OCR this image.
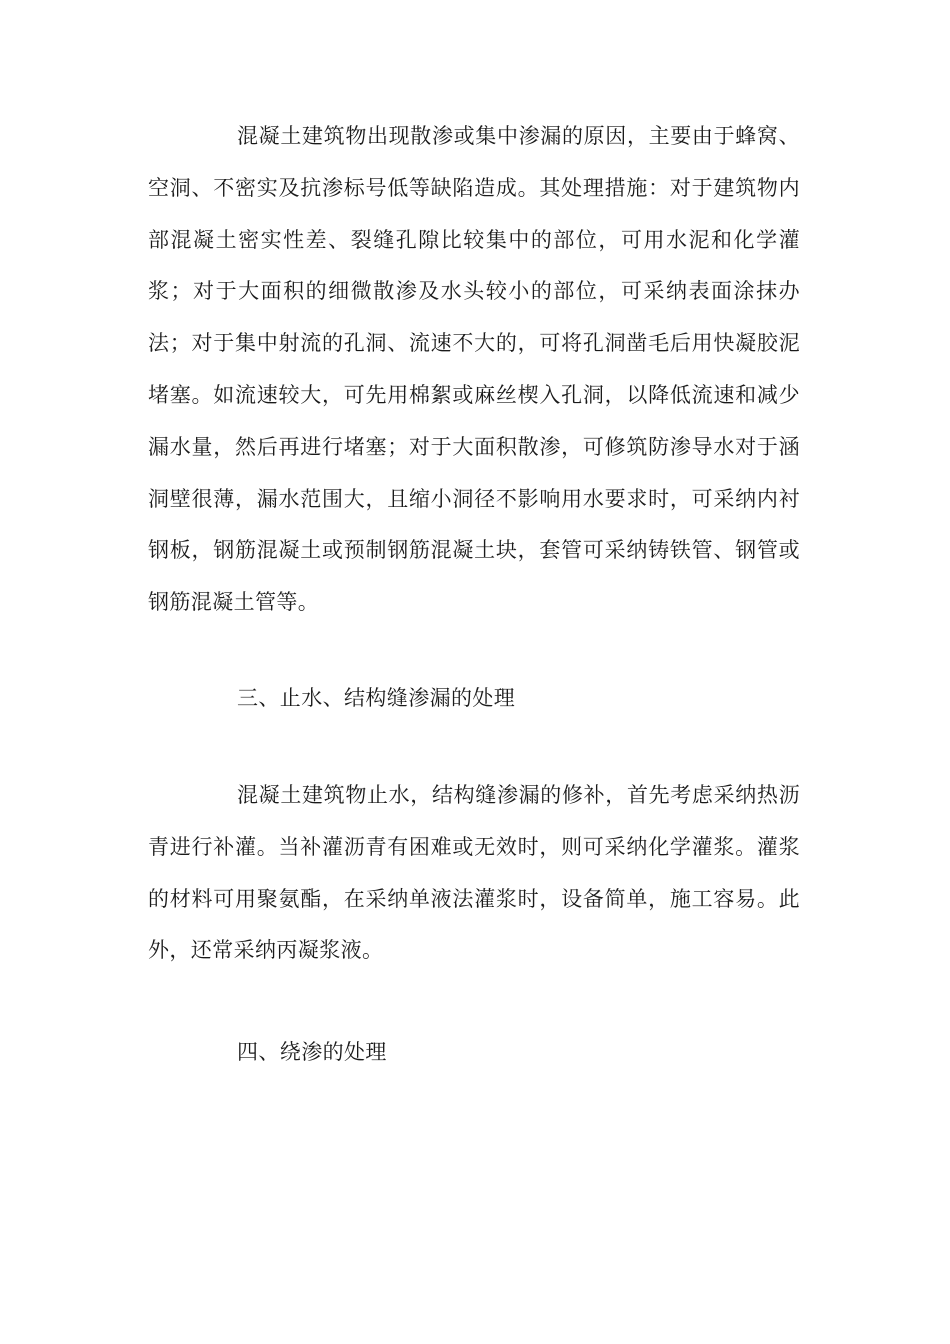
混凝土建筑物出现散渗或集中渗漏的原因，主要由于蜂窝、空洞、不密实及抗渗标号低等缺陷造成。其处理措施：对于建筑物内部混凝土密实性差、裂缝孔隙比较集中的部位，可用水泥和化学灌浆；对于大面积的细微散渗及水头较小的部位，可采纳表面涂抹办法；对于集中射流的孔洞、流速不大的，可将孔洞凿毛后用快凝胶泥堵塞。如流速较大，可先用棉絮或麻丝楔入孔洞，以降低流速和减少漏水量，然后再进行堵塞；对于大面积散渗，可修筑防渗导水对于涵洞壁很薄，漏水范围大，且缩小洞径不影响用水要求时，可采纳内衬钢板，钢筋混凝土或预制钢筋混凝土块，套管可采纳铸铁管、钢管或钢筋混凝土管等。

三、止水、结构缝渗漏的处理

混凝土建筑物止水，结构缝渗漏的修补，首先考虑采纳热沥青进行补灌。当补灌沥青有困难或无效时，则可采纳化学灌浆。灌浆的材料可用聚氨酯，在采纳单液法灌浆时，设备简单，施工容易。此外，还常采纳丙凝浆液。

四、绕渗的处理
